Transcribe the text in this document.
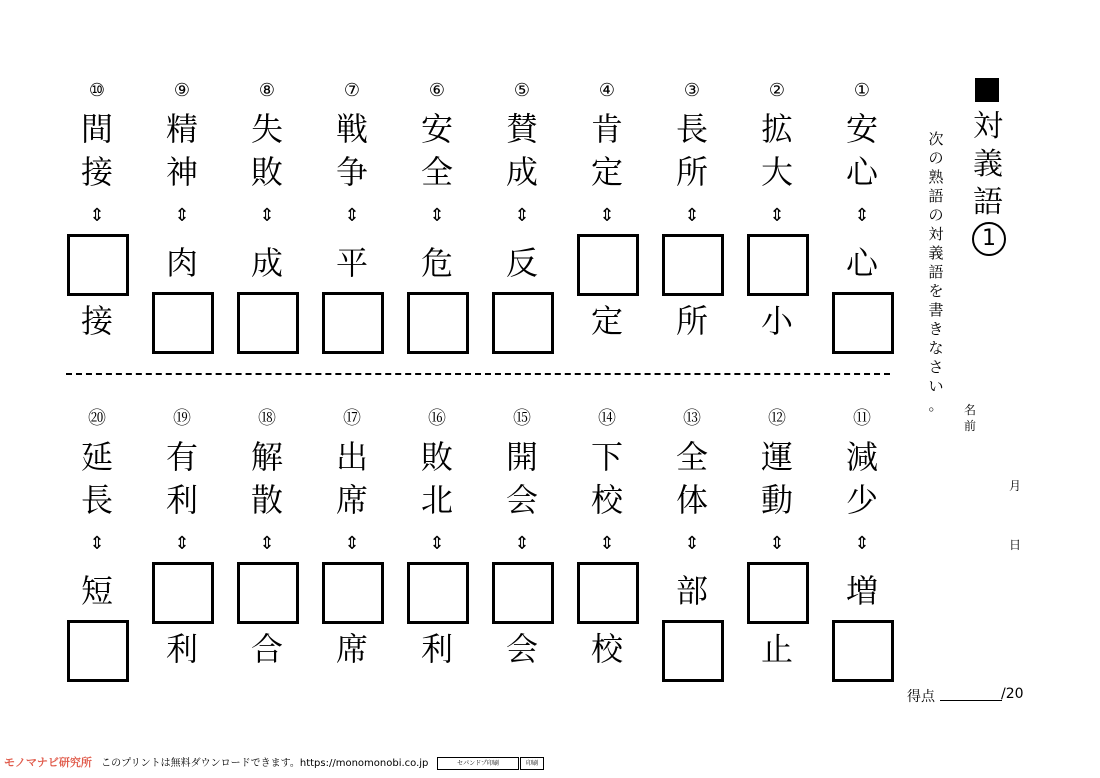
①
安
心
⇕
心
②
拡
大
⇕
小
③
長
所
⇕
所
④
肯
定
⇕
定
⑤
賛
成
⇕
反
⑥
安
全
⇕
危
⑦
戦
争
⇕
平
⑧
失
敗
⇕
成
⑨
精
神
⇕
肉
⑩
間
接
⇕
接
⑪
減
少
⇕
増
⑫
運
動
⇕
止
⑬
全
体
⇕
部
⑭
下
校
⇕
校
⑮
開
会
⇕
会
⑯
敗
北
⇕
利
⑰
出
席
⇕
席
⑱
解
散
⇕
合
⑲
有
利
⇕
利
⑳
延
長
⇕
短
対
義
語
1
次
の
熟
語
の
対
義
語
を
書
き
な
さ
い
。	名
前
月
日
得点	/20
モノマナビ研究所 このプリントは無料ダウンロードできます。https://monomonobi.co.jp	セパンドプ印刷	印刷
